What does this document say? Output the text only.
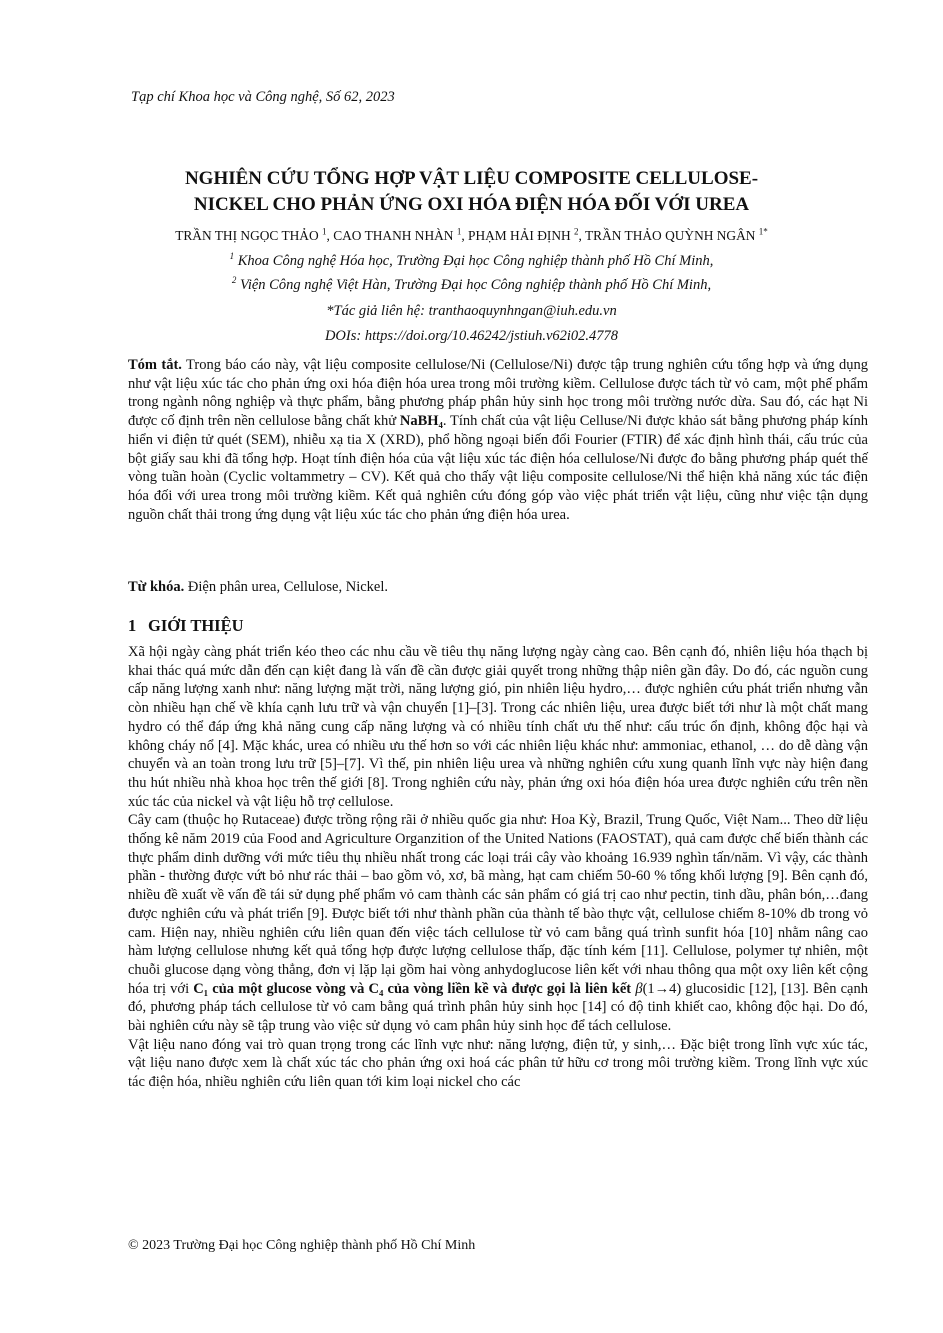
Tạp chí Khoa học và Công nghệ, Số 62, 2023
NGHIÊN CỨU TỔNG HỢP VẬT LIỆU COMPOSITE CELLULOSE-
NICKEL CHO PHẢN ỨNG OXI HÓA ĐIỆN HÓA ĐỐI VỚI UREA
TRẦN THỊ NGỌC THẢO $^1$, CAO THANH NHÀN $^1$, PHẠM HẢI ĐỊNH $^2$, TRẦN THẢO QUỲNH NGÂN $^{1*}$
$^1$ Khoa Công nghệ Hóa học, Trường Đại học Công nghiệp thành phố Hồ Chí Minh,
$^2$ Viện Công nghệ Việt Hàn, Trường Đại học Công nghiệp thành phố Hồ Chí Minh,
*Tác giả liên hệ: tranthaoquynhngan@iuh.edu.vn
DOIs: https://doi.org/10.46242/jstiuh.v62i02.4778
Tóm tắt. Trong báo cáo này, vật liệu composite cellulose/Ni (Cellulose/Ni) được tập trung nghiên cứu tổng hợp và ứng dụng như vật liệu xúc tác cho phản ứng oxi hóa điện hóa urea trong môi trường kiềm. Cellulose được tách từ vỏ cam, một phế phẩm trong ngành nông nghiệp và thực phẩm, bằng phương pháp phân hủy sinh học trong môi trường nước dừa. Sau đó, các hạt Ni được cố định trên nền cellulose bằng chất khử NaBH₄. Tính chất của vật liệu Celluse/Ni được khảo sát bằng phương pháp kính hiển vi điện tử quét (SEM), nhiễu xạ tia X (XRD), phổ hồng ngoại biến đổi Fourier (FTIR) để xác định hình thái, cấu trúc của bột giấy sau khi đã tổng hợp. Hoạt tính điện hóa của vật liệu xúc tác điện hóa cellulose/Ni được đo bằng phương pháp quét thế vòng tuần hoàn (Cyclic voltammetry – CV). Kết quả cho thấy vật liệu composite cellulose/Ni thể hiện khả năng xúc tác điện hóa đối với urea trong môi trường kiềm. Kết quả nghiên cứu đóng góp vào việc phát triển vật liệu, cũng như việc tận dụng nguồn chất thải trong ứng dụng vật liệu xúc tác cho phản ứng điện hóa urea.
Từ khóa. Điện phân urea, Cellulose, Nickel.
1 GIỚI THIỆU

Xã hội ngày càng phát triển kéo theo các nhu cầu về tiêu thụ năng lượng ngày càng cao. Bên cạnh đó, nhiên liệu hóa thạch bị khai thác quá mức dẫn đến cạn kiệt đang là vấn đề cần được giải quyết trong những thập niên gần đây. Do đó, các nguồn cung cấp năng lượng xanh như: năng lượng mặt trời, năng lượng gió, pin nhiên liệu hydro,… được nghiên cứu phát triển nhưng vẫn còn nhiều hạn chế về khía cạnh lưu trữ và vận chuyển [1]–[3]. Trong các nhiên liệu, urea được biết tới như là một chất mang hydro có thể đáp ứng khả năng cung cấp năng lượng và có nhiều tính chất ưu thế như: cấu trúc ổn định, không độc hại và không cháy nổ [4]. Mặc khác, urea có nhiều ưu thế hơn so với các nhiên liệu khác như: ammoniac, ethanol, … do dễ dàng vận chuyển và an toàn trong lưu trữ [5]–[7]. Vì thế, pin nhiên liệu urea và những nghiên cứu xung quanh lĩnh vực này hiện đang thu hút nhiều nhà khoa học trên thế giới [8]. Trong nghiên cứu này, phản ứng oxi hóa điện hóa urea được nghiên cứu trên nền xúc tác của nickel và vật liệu hỗ trợ cellulose.

Cây cam (thuộc họ Rutaceae) được trồng rộng rãi ở nhiều quốc gia như: Hoa Kỳ, Brazil, Trung Quốc, Việt Nam... Theo dữ liệu thống kê năm 2019 của Food and Agriculture Organzition of the United Nations (FAOSTAT), quả cam được chế biến thành các thực phẩm dinh dưỡng với mức tiêu thụ nhiều nhất trong các loại trái cây vào khoảng 16.939 nghìn tấn/năm. Vì vậy, các thành phần - thường được vứt bỏ như rác thải – bao gồm vỏ, xơ, bã màng, hạt cam chiếm 50-60 % tổng khối lượng [9]. Bên cạnh đó, nhiều đề xuất về vấn đề tái sử dụng phế phẩm vỏ cam thành các sản phẩm có giá trị cao như pectin, tinh dầu, phân bón,…đang được nghiên cứu và phát triển [9]. Được biết tới như thành phần của thành tế bào thực vật, cellulose chiếm 8-10% db trong vỏ cam. Hiện nay, nhiều nghiên cứu liên quan đến việc tách cellulose từ vỏ cam bằng quá trình sunfit hóa [10] nhằm nâng cao hàm lượng cellulose nhưng kết quả tổng hợp được lượng cellulose thấp, đặc tính kém [11]. Cellulose, polymer tự nhiên, một chuỗi glucose dạng vòng thẳng, đơn vị lặp lại gồm hai vòng anhydoglucose liên kết với nhau thông qua một oxy liên kết cộng hóa trị với C₁ của một glucose vòng và C₄ của vòng liền kề và được gọi là liên kết β(1→4) glucosidic [12], [13]. Bên cạnh đó, phương pháp tách cellulose từ vỏ cam bằng quá trình phân hủy sinh học [14] có độ tinh khiết cao, không độc hại. Do đó, bài nghiên cứu này sẽ tập trung vào việc sử dụng vỏ cam phân hủy sinh học để tách cellulose.

Vật liệu nano đóng vai trò quan trọng trong các lĩnh vực như: năng lượng, điện tử, y sinh,… Đặc biệt trong lĩnh vực xúc tác, vật liệu nano được xem là chất xúc tác cho phản ứng oxi hoá các phân tử hữu cơ trong môi trường kiềm. Trong lĩnh vực xúc tác điện hóa, nhiều nghiên cứu liên quan tới kim loại nickel cho các

© 2023 Trường Đại học Công nghiệp thành phố Hồ Chí Minh
